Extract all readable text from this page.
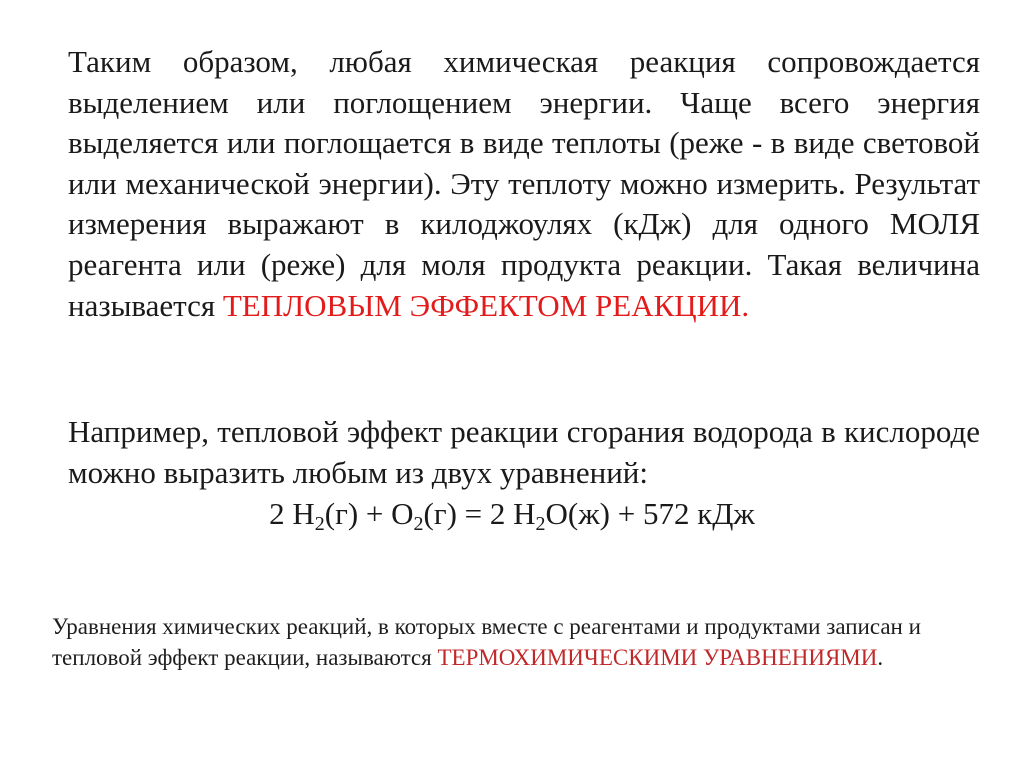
Таким образом, любая химическая реакция сопровождается выделением или поглощением энергии. Чаще всего энергия выделяется или поглощается в виде теплоты (реже - в виде световой или механической энергии). Эту теплоту можно измерить. Результат измерения выражают в килоджоулях (кДж) для одного МОЛЯ реагента или (реже) для моля продукта реакции. Такая величина называется ТЕПЛОВЫМ ЭФФЕКТОМ РЕАКЦИИ.

Например, тепловой эффект реакции сгорания водорода в кислороде можно выразить любым из двух уравнений:

2 $H_2(г) + O_2(г) = 2$ $H_2O(ж) + 572$ кДж

Уравнения химических реакций, в которых вместе с реагентами и продуктами записан и тепловой эффект реакции, называются ТЕРМОХИМИЧЕСКИМИ УРАВНЕНИЯМИ.
